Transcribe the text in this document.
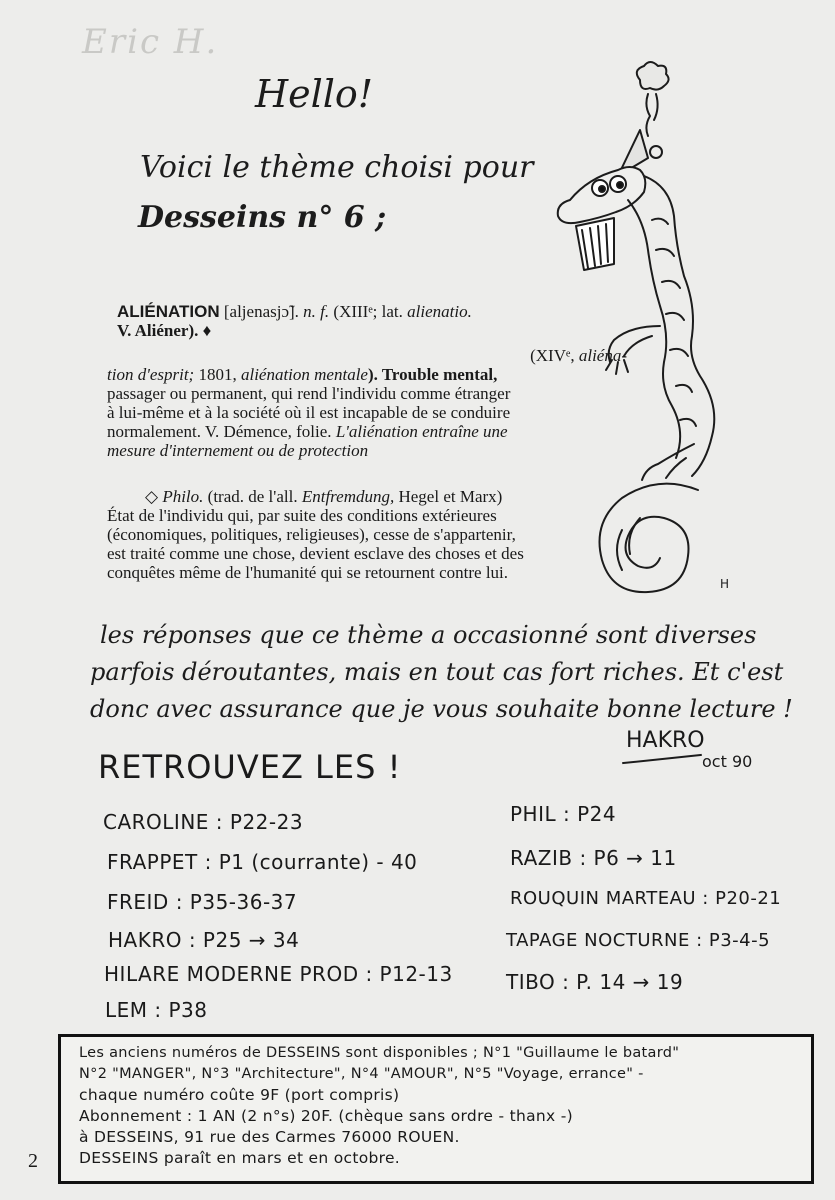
Eric H.
Hello!
Voici le thème choisi pour
Desseins n° 6 ;
ALIÉNATION [aljenasjɔ̃]. n. f. (XIIIᵉ; lat. alienatio.
V. Aliéner). ♦
(XIVᵉ, aliéna-
tion d'esprit; 1801, aliénation mentale). Trouble mental,
passager ou permanent, qui rend l'individu comme étranger
à lui-même et à la société où il est incapable de se conduire
normalement. V. Démence, folie. L'aliénation entraîne une
mesure d'internement ou de protection
◇ Philo. (trad. de l'all. Entfremdung, Hegel et Marx)
État de l'individu qui, par suite des conditions extérieures
(économiques, politiques, religieuses), cesse de s'appartenir,
est traité comme une chose, devient esclave des choses et des
conquêtes même de l'humanité qui se retournent contre lui.
H
les réponses que ce thème a occasionné sont diverses
parfois déroutantes, mais en tout cas fort riches. Et c'est
donc avec assurance que je vous souhaite bonne lecture !
HAKRO
oct 90
RETROUVEZ LES !
CAROLINE : P22-23
FRAPPET : P1 (courrante) - 40
FREID : P35-36-37
HAKRO : P25 → 34
HILARE MODERNE PROD : P12-13
LEM : P38
PHIL : P24
RAZIB : P6 → 11
ROUQUIN MARTEAU : P20-21
TAPAGE NOCTURNE : P3-4-5
TIBO : P. 14 → 19
Les anciens numéros de DESSEINS sont disponibles ; N°1 "Guillaume le batard"
N°2 "MANGER", N°3 "Architecture", N°4 "AMOUR", N°5 "Voyage, errance" -
chaque numéro coûte 9F (port compris)
Abonnement : 1 AN (2 n°s) 20F. (chèque sans ordre - thanx -)
à DESSEINS, 91 rue des Carmes 76000 ROUEN.
DESSEINS paraît en mars et en octobre.
2
